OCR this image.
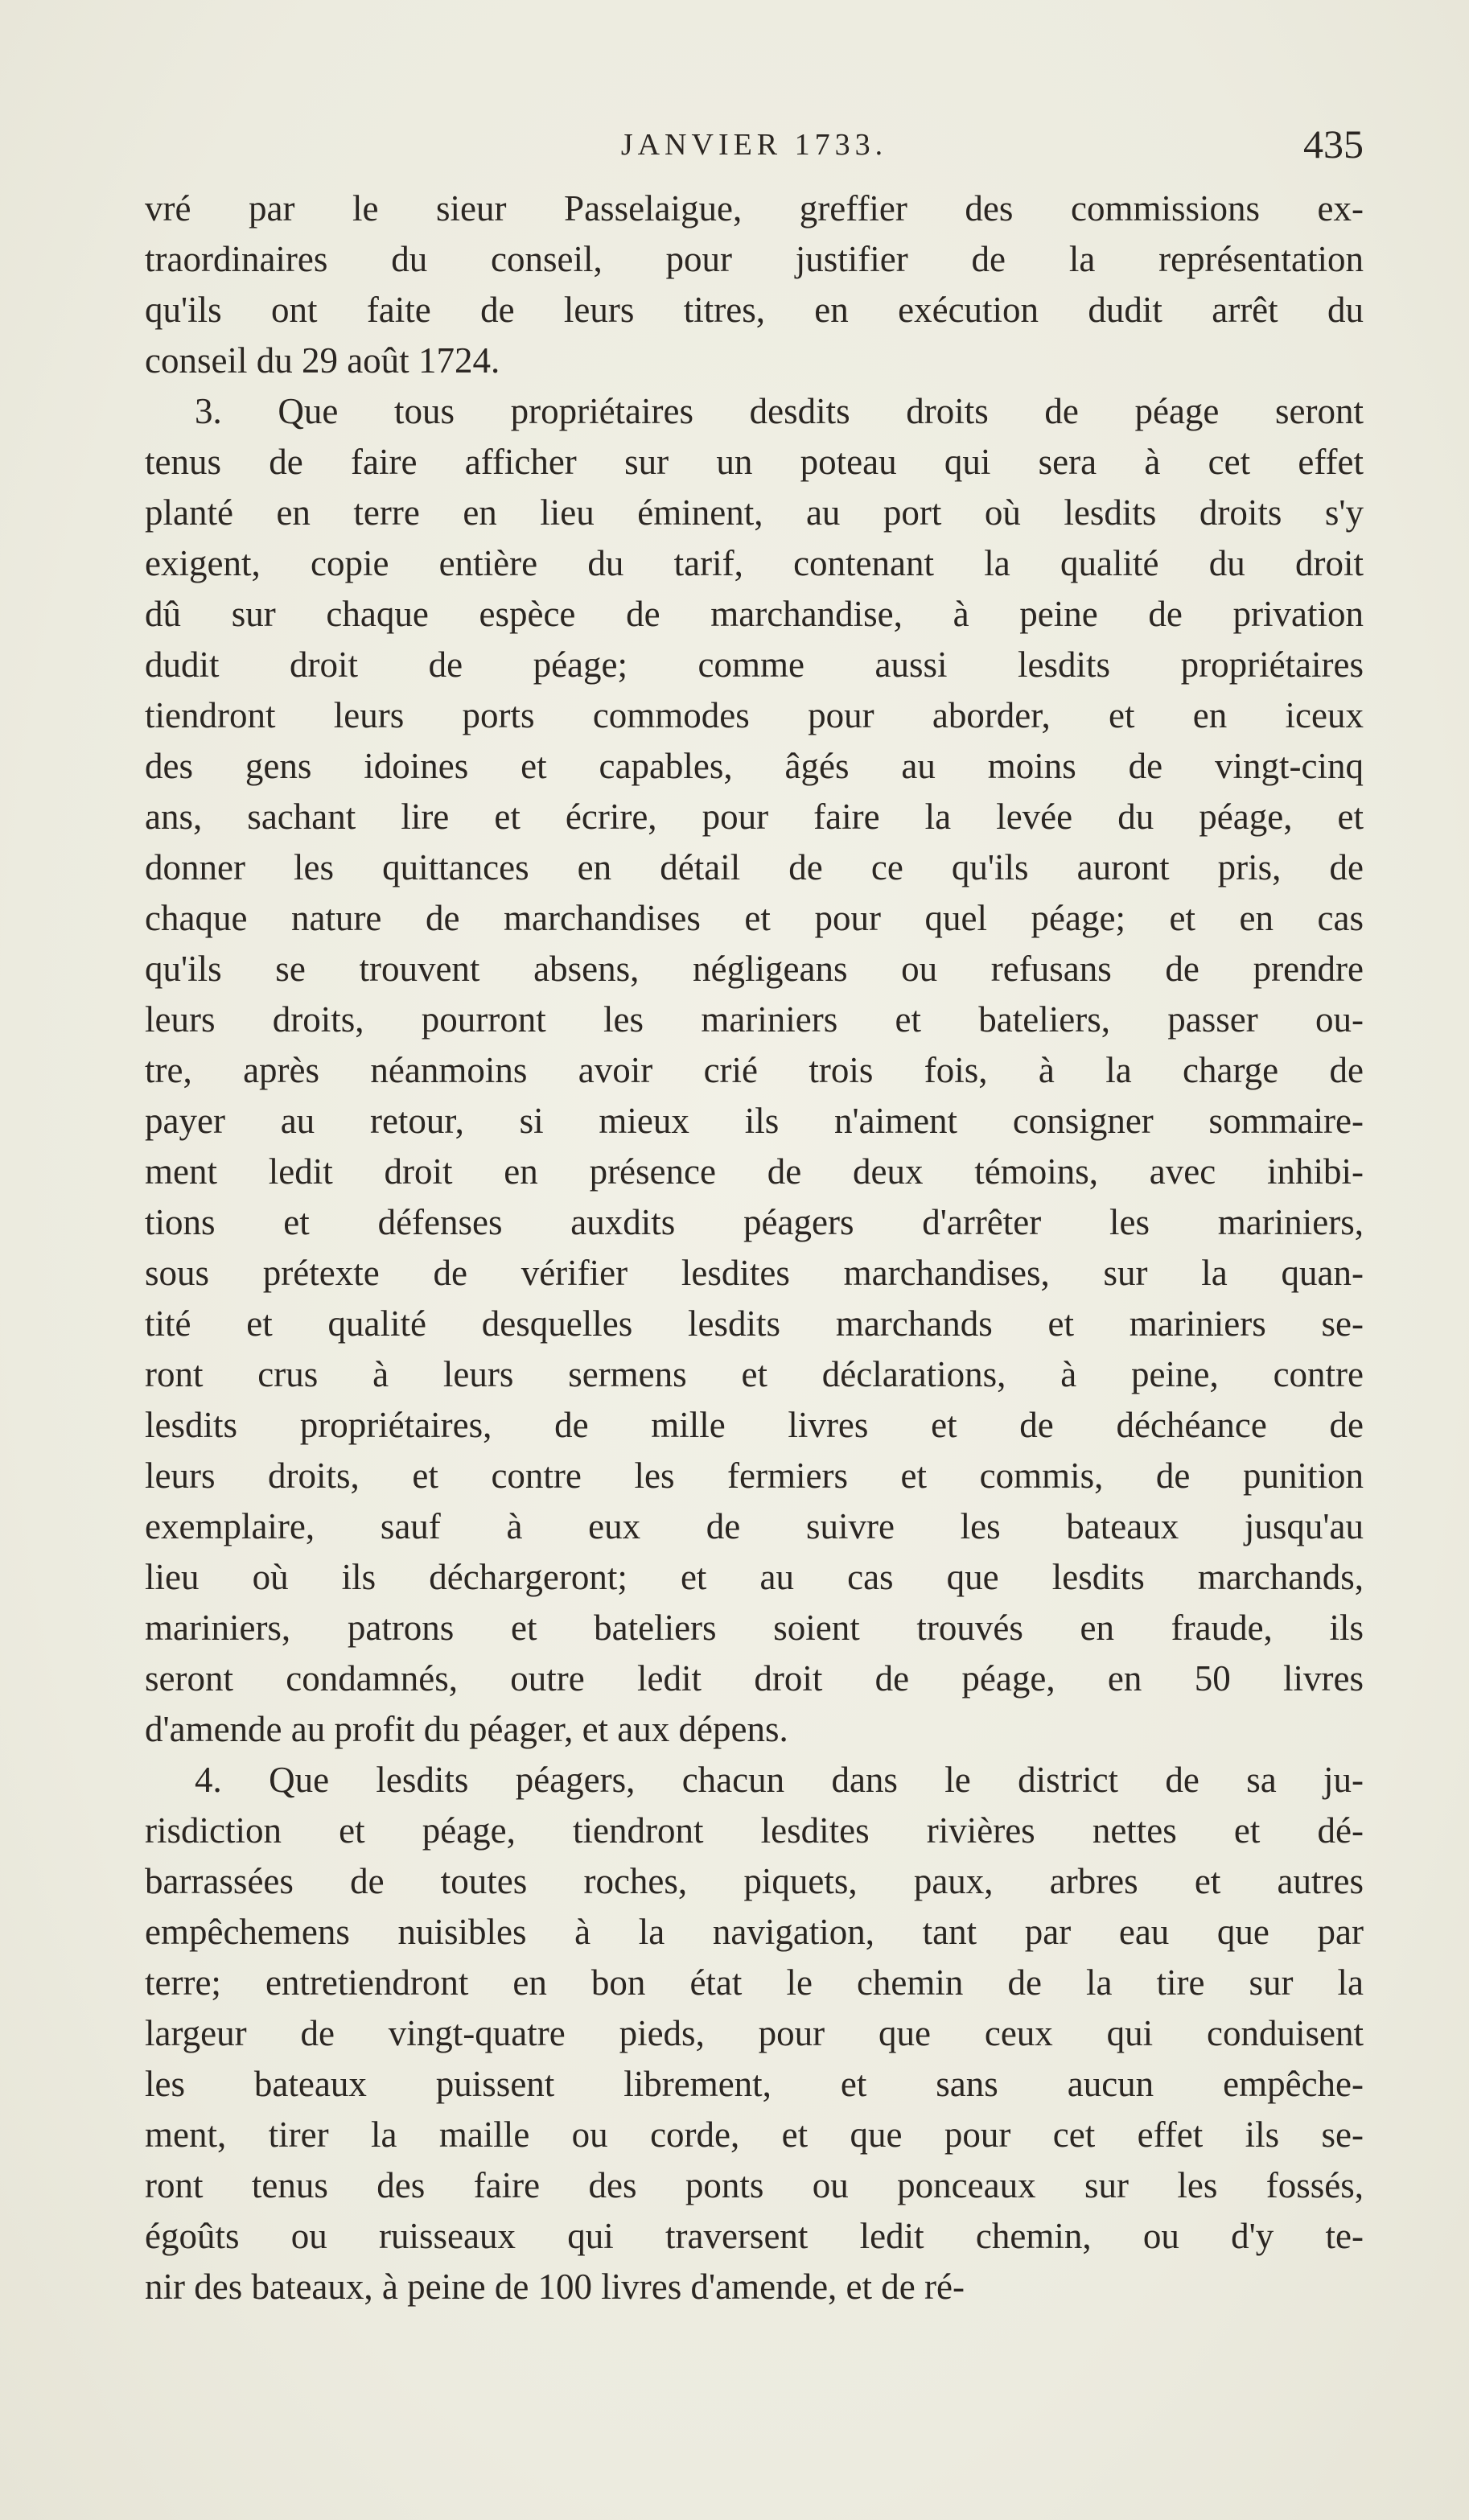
JANVIER 1733.	435
vré par le sieur Passelaigue, greffier des commissions ex-
traordinaires du conseil, pour justifier de la représentation
qu'ils ont faite de leurs titres, en exécution dudit arrêt du
conseil du 29 août 1724.
3. Que tous propriétaires desdits droits de péage seront
tenus de faire afficher sur un poteau qui sera à cet effet
planté en terre en lieu éminent, au port où lesdits droits s'y
exigent, copie entière du tarif, contenant la qualité du droit
dû sur chaque espèce de marchandise, à peine de privation
dudit droit de péage; comme aussi lesdits propriétaires
tiendront leurs ports commodes pour aborder, et en iceux
des gens idoines et capables, âgés au moins de vingt-cinq
ans, sachant lire et écrire, pour faire la levée du péage, et
donner les quittances en détail de ce qu'ils auront pris, de
chaque nature de marchandises et pour quel péage; et en cas
qu'ils se trouvent absens, négligeans ou refusans de prendre
leurs droits, pourront les mariniers et bateliers, passer ou-
tre, après néanmoins avoir crié trois fois, à la charge de
payer au retour, si mieux ils n'aiment consigner sommaire-
ment ledit droit en présence de deux témoins, avec inhibi-
tions et défenses auxdits péagers d'arrêter les mariniers,
sous prétexte de vérifier lesdites marchandises, sur la quan-
tité et qualité desquelles lesdits marchands et mariniers se-
ront crus à leurs sermens et déclarations, à peine, contre
lesdits propriétaires, de mille livres et de déchéance de
leurs droits, et contre les fermiers et commis, de punition
exemplaire, sauf à eux de suivre les bateaux jusqu'au
lieu où ils déchargeront; et au cas que lesdits marchands,
mariniers, patrons et bateliers soient trouvés en fraude, ils
seront condamnés, outre ledit droit de péage, en 50 livres
d'amende au profit du péager, et aux dépens.
4. Que lesdits péagers, chacun dans le district de sa ju-
risdiction et péage, tiendront lesdites rivières nettes et dé-
barrassées de toutes roches, piquets, paux, arbres et autres
empêchemens nuisibles à la navigation, tant par eau que par
terre; entretiendront en bon état le chemin de la tire sur la
largeur de vingt-quatre pieds, pour que ceux qui conduisent
les bateaux puissent librement, et sans aucun empêche-
ment, tirer la maille ou corde, et que pour cet effet ils se-
ront tenus des faire des ponts ou ponceaux sur les fossés,
égoûts ou ruisseaux qui traversent ledit chemin, ou d'y te-
nir des bateaux, à peine de 100 livres d'amende, et de ré-
